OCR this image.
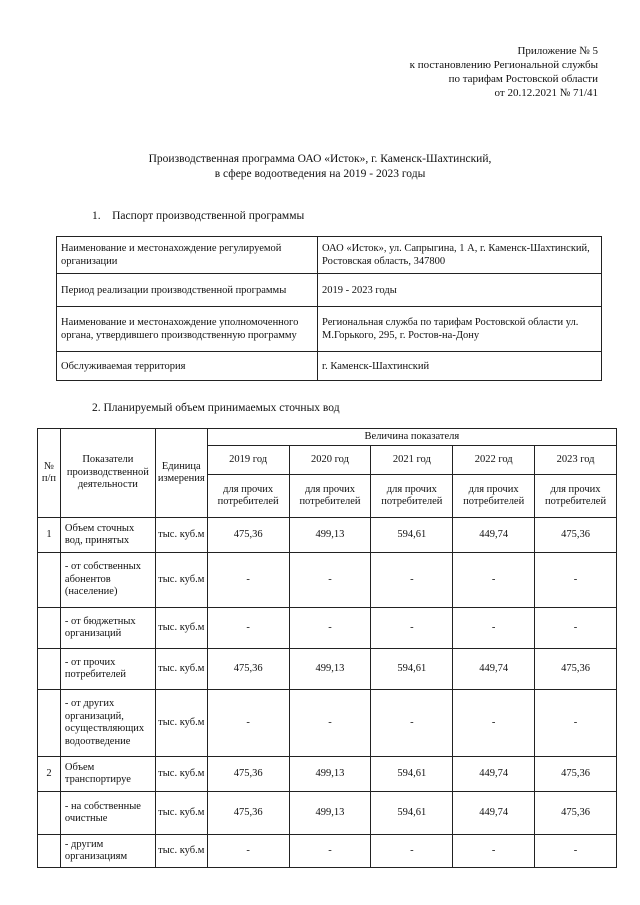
Приложение № 5
к постановлению Региональной службы
по тарифам Ростовской области
от 20.12.2021 № 71/41
Производственная программа ОАО «Исток», г. Каменск-Шахтинский,
в сфере водоотведения на 2019 - 2023 годы
1.    Паспорт производственной программы
Наименование и местонахождение регулируемой организации	ОАО «Исток», ул. Сапрыгина, 1 А, г. Каменск-Шахтинский, Ростовская область, 347800
Период реализации производственной программы	2019 - 2023 годы
Наименование и местонахождение уполномоченного органа, утвердившего производственную программу	Региональная служба по тарифам Ростовской области ул. М.Горького, 295, г. Ростов-на-Дону
Обслуживаемая территория	г. Каменск-Шахтинский
2. Планируемый объем принимаемых сточных вод
№ п/п	Показатели производственной деятельности	Единица измерения	Величина показателя				
			2019 год	2020 год	2021 год	2022 год	2023 год
			для прочих потребителей	для прочих потребителей	для прочих потребителей	для прочих потребителей	для прочих потребителей
1	Объем сточных вод, принятых	тыс. куб.м	475,36	499,13	594,61	449,74	475,36
	- от собственных абонентов (население)	тыс. куб.м	-	-	-	-	-
	- от бюджетных организаций	тыс. куб.м	-	-	-	-	-
	- от прочих потребителей	тыс. куб.м	475,36	499,13	594,61	449,74	475,36
	- от других организаций, осуществляющих водоотведение	тыс. куб.м	-	-	-	-	-
2	Объем транспортируе	тыс. куб.м	475,36	499,13	594,61	449,74	475,36
	- на собственные очистные	тыс. куб.м	475,36	499,13	594,61	449,74	475,36
	- другим организациям	тыс. куб.м	-	-	-	-	-
